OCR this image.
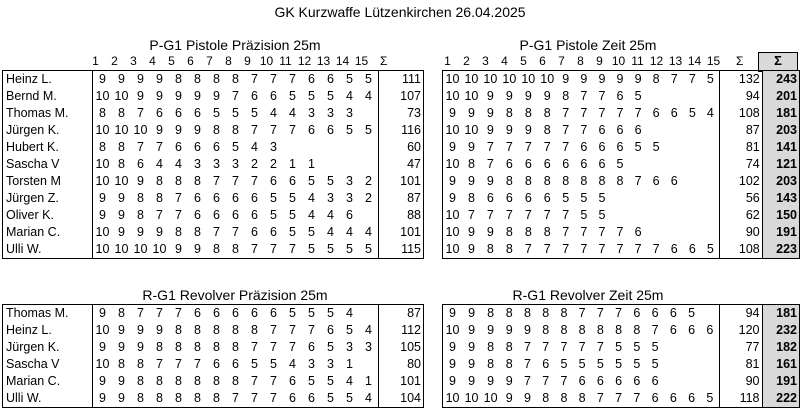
GK Kurzwaffe Lützenkirchen 26.04.2025
P-G1 Pistole Präzision 25m	P-G1 Pistole Zeit 25m
R-G1 Revolver Präzision 25m	R-G1 Revolver Zeit 25m
1 2 3 4 5 6 7 8 9 10 11 12 13 14 15 Σ	1 2 3 4 5 6 7 8 9 10 11 12 13 14 15 Σ	Σ
Heinz L.	9	9	9	9	8	8	8	8	7	7	7	6	6	5	5	111
Bernd M.	10	10	9	9	9	9	9	7	6	6	5	5	5	4	4	107
Thomas M.	8	8	7	6	6	6	5	5	5	4	4	3	3	3		73
Jürgen K.	10	10	10	9	9	9	8	8	7	7	7	6	6	5	5	116
Hubert K.	8	8	7	7	6	6	6	5	4	3						60
Sascha V	10	8	6	4	4	3	3	3	2	2	1	1				47
Torsten M	10	10	9	8	8	8	7	7	7	6	6	5	5	3	2	101
Jürgen Z.	9	9	8	8	7	6	6	6	6	5	5	4	3	3	2	87
Oliver K.	9	9	8	7	7	6	6	6	6	5	5	4	4	6		88
Marian C.	10	9	9	9	8	8	7	7	6	6	5	5	4	4	4	101
Ulli W.	10	10	10	10	9	9	8	8	7	7	7	5	5	5	5	115
10	10	10	10	10	10	9	9	9	9	9	8	7	7	5	132	243
10	10	9	9	9	9	8	7	7	6	5					94	201
9	9	9	8	8	8	7	7	7	7	7	6	6	5	4	108	181
10	10	9	9	9	8	7	7	6	6	6					87	203
9	9	7	7	7	7	7	6	6	6	5	5				81	141
10	8	7	6	6	6	6	6	6	5						74	121
9	9	9	8	8	8	8	8	8	8	7	6	6			102	203
9	8	6	6	6	6	5	5	5							56	143
10	7	7	7	7	7	7	5	5							62	150
10	9	9	8	8	8	7	7	7	7	6					90	191
10	9	8	8	7	7	7	7	7	7	7	7	6	6	5	108	223
Thomas M.	9	8	7	7	7	6	6	6	6	6	5	5	5	4		87
Heinz L.	10	9	9	9	8	8	8	8	8	7	7	7	6	5	4	112
Jürgen K.	9	9	9	8	8	8	8	8	7	7	7	6	5	3	3	105
Sascha V	10	8	8	7	7	7	6	6	5	5	4	3	3	1		80
Marian C.	9	9	8	8	8	8	8	8	7	7	6	5	5	4	1	101
Ulli W.	9	9	8	8	8	8	8	7	7	7	6	6	5	5	4	104
9	9	8	8	8	8	8	7	7	7	6	6	6	5		94	181
10	9	9	9	9	8	8	8	8	8	8	7	6	6	6	120	232
9	9	8	8	7	7	7	7	7	5	5	5				77	182
9	9	8	8	7	6	5	5	5	5	5	5				81	161
9	9	9	9	7	7	7	6	6	6	6	6				90	191
10	10	10	9	9	8	8	8	7	7	7	6	6	6	5	118	222
